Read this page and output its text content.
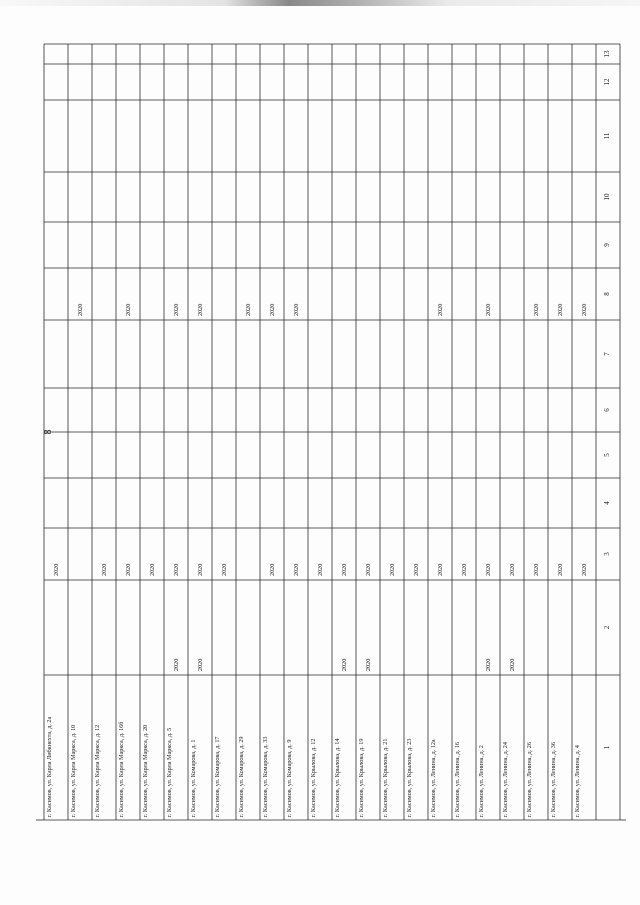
8
1
2
3
4
5
6
7
8
9
10
11
12
13
г. Касимов, ул. Карла Либкнехта, д. 2а
2020
г. Касимов, ул. Карла Маркса, д. 10
2020
г. Касимов, ул. Карла Маркса, д. 12
2020
г. Касимов, ул. Карла Маркса, д. 16б
2020
2020
г. Касимов, ул. Карла Маркса, д. 20
2020
г. Касимов, ул. Карла Маркса, д. 5
2020
2020
2020
г. Касимов, ул. Комарова, д. 1
2020
2020
2020
г. Касимов, ул. Комарова, д. 17
2020
г. Касимов, ул. Комарова, д. 29
2020
г. Касимов, ул. Комарова, д. 33
2020
2020
г. Касимов, ул. Комарова, д. 9
2020
2020
г. Касимов, ул. Крылова, д. 12
2020
г. Касимов, ул. Крылова, д. 14
2020
2020
г. Касимов, ул. Крылова, д. 19
2020
2020
г. Касимов, ул. Крылова, д. 21
2020
г. Касимов, ул. Крылова, д. 23
2020
г. Касимов, ул. Ленина, д. 12а
2020
2020
г. Касимов, ул. Ленина, д. 16
2020
г. Касимов, ул. Ленина, д. 2
2020
2020
2020
г. Касимов, ул. Ленина, д. 24
2020
2020
г. Касимов, ул. Ленина, д. 26
2020
2020
г. Касимов, ул. Ленина, д. 36
2020
2020
г. Касимов, ул. Ленина, д. 4
2020
2020
